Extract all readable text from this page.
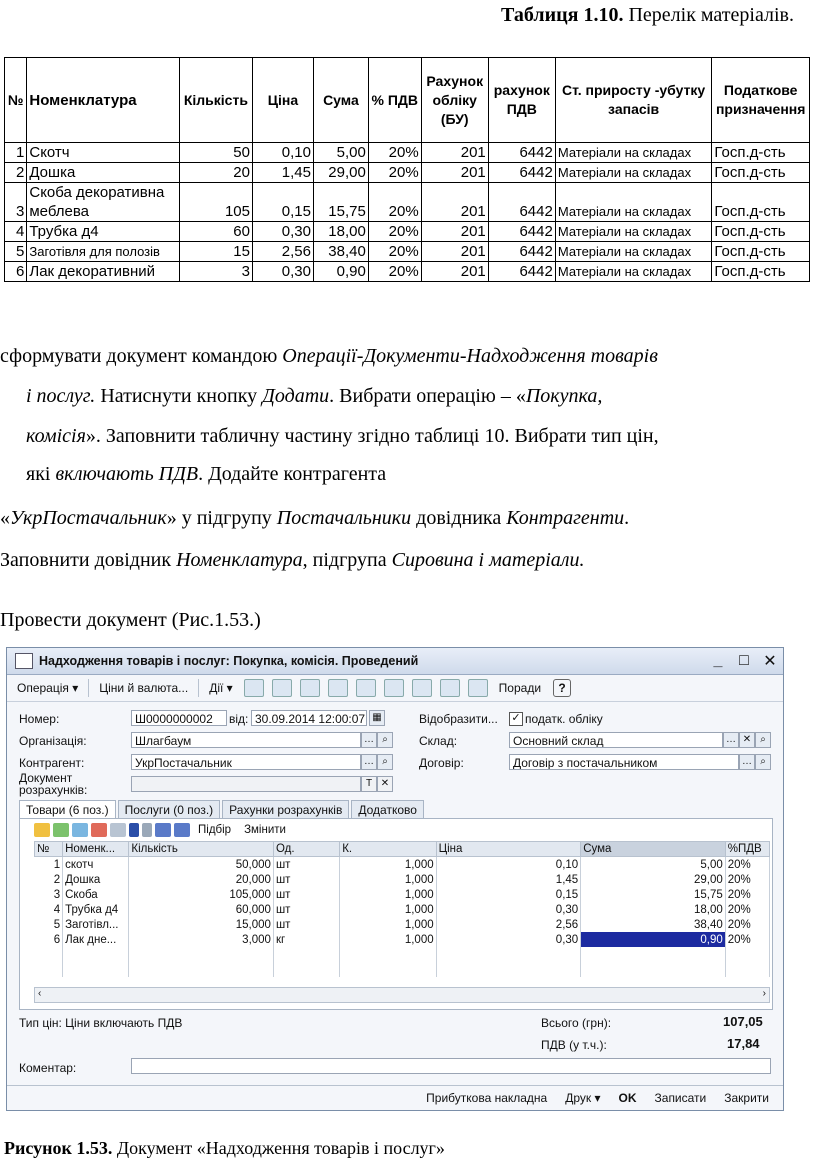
Таблиця 1.10. Перелік матеріалів.
№	Номенклатура	Кількість	Ціна	Сума	% ПДВ	Рахунок обліку (БУ)	рахунок ПДВ	Ст. приросту -убутку запасів	Податкове призначення
1	Скотч	50	0,10	5,00	20%	201	6442	Матеріали на складах	Госп.д-сть
2	Дошка	20	1,45	29,00	20%	201	6442	Матеріали на складах	Госп.д-сть
3	Скоба декоративна меблева	105	0,15	15,75	20%	201	6442	Матеріали на складах	Госп.д-сть
4	Трубка д4	60	0,30	18,00	20%	201	6442	Матеріали на складах	Госп.д-сть
5	Заготівля для полозів	15	2,56	38,40	20%	201	6442	Матеріали на складах	Госп.д-сть
6	Лак декоративний	3	0,30	0,90	20%	201	6442	Матеріали на складах	Госп.д-сть
сформувати документ командою Операції-Документи-Надходження товарів
і послуг. Натиснути кнопку Додати. Вибрати операцію – «Покупка,
комісія». Заповнити табличну частину згідно таблиці 10. Вибрати тип цін,
які включають ПДВ. Додайте контрагента
«УкрПостачальник» у підгрупу Постачальники довідника Контрагенти.
Заповнити довідник Номенклатура, підгрупа Сировина і матеріали.
Провести документ (Рис.1.53.)
Надходження товарів і послуг: Покупка, комісія. Проведений	_	□ ✕
Операція ▾	Ціни й валюта...	Дії ▾	Поради	?
Номер:	Ш0000000002	від: 30.09.2014 12:00:07 ▦	Відобразити... ✓ податк. обліку
Організація:	Шлагбаум	… ⌕	Склад:	Основний склад	… ✕ ⌕
Контрагент:	УкрПостачальник	… ⌕	Договір:	Договір з постачальником	… ⌕
Документ
розрахунків:	T ✕
Товари (6 поз.)	Послуги (0 поз.)	Рахунки розрахунків	Додатково
Підбір	Змінити
№	Номенк...	Кількість	Од.	К.	Ціна	Сума	%ПДВ
1	скотч	50,000	шт	1,000	0,10	5,00	20%
2	Дошка	20,000	шт	1,000	1,45	29,00	20%
3	Скоба	105,000	шт	1,000	0,15	15,75	20%
4	Трубка д4	60,000	шт	1,000	0,30	18,00	20%
5	Заготівл...	15,000	шт	1,000	2,56	38,40	20%
6	Лак дне...	3,000	кг	1,000	0,30	0,90	20%

‹	›
Тип цін: Ціни включають ПДВ	Всього (грн):	107,05
ПДВ (у т.ч.):	17,84
Коментар:
Прибуткова накладна	Друк ▾	OK	Записати	Закрити
Рисунок 1.53. Документ «Надходження товарів і послуг»
